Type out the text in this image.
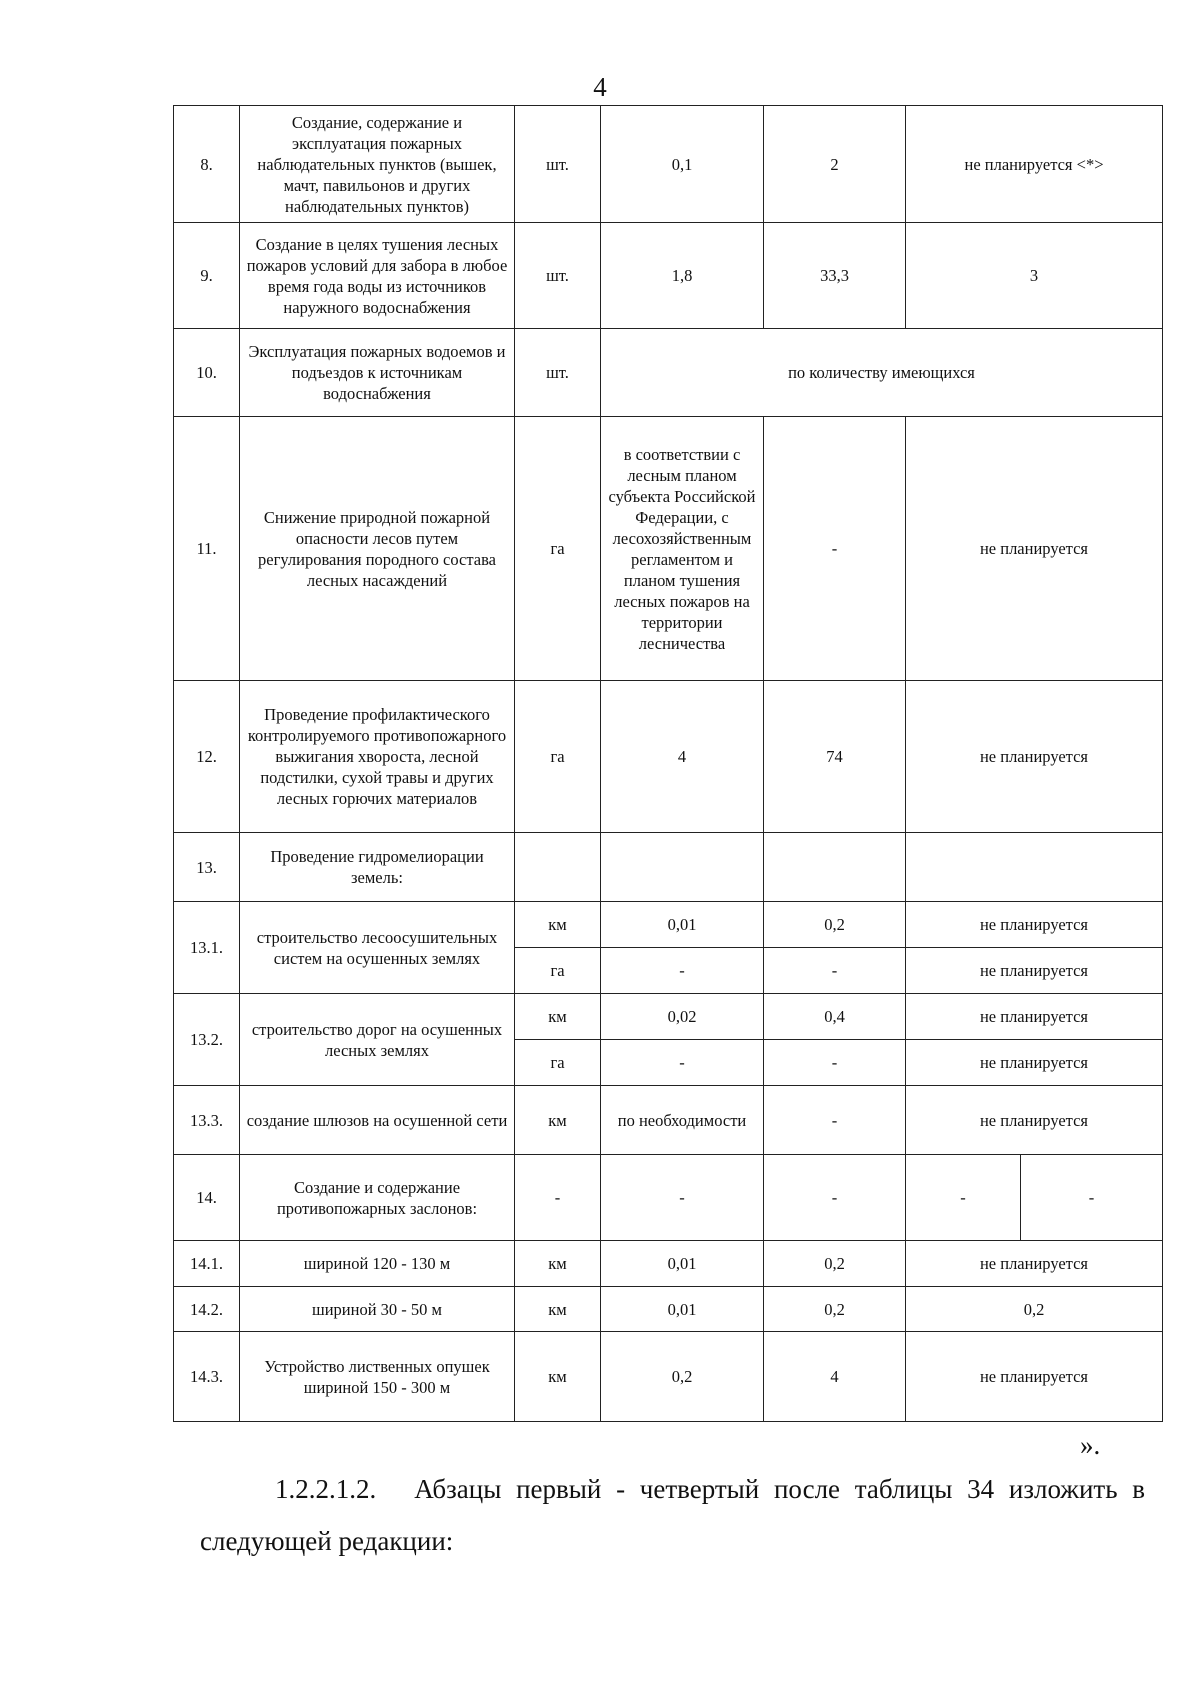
4
8.	Создание, содержание и эксплуатация пожарных наблюдательных пунктов (вышек, мачт, павильонов и других наблюдательных пунктов)	шт.	0,1	2	не планируется <*>	
9.	Создание в целях тушения лесных пожаров условий для забора в любое время года воды из источников наружного водоснабжения	шт.	1,8	33,3	3	
10.	Эксплуатация пожарных водоемов и подъездов к источникам водоснабжения	шт.	по количеству имеющихся			
11.	Снижение природной пожарной опасности лесов путем регулирования породного состава лесных насаждений	га	в соответствии с лесным планом субъекта Российской Федерации, с лесохозяйственным регламентом и планом тушения лесных пожаров на территории лесничества	-	не планируется	
12.	Проведение профилактического контролируемого противопожарного выжигания хвороста, лесной подстилки, сухой травы и других лесных горючих материалов	га	4	74	не планируется	
13.	Проведение гидромелиорации земель:					
13.1.	строительство лесоосушительных систем на осушенных землях	км	0,01	0,2	не планируется	
		га	-	-	не планируется	
13.2.	строительство дорог на осушенных лесных землях	км	0,02	0,4	не планируется	
		га	-	-	не планируется	
13.3.	создание шлюзов на осушенной сети	км	по необходимости	-	не планируется	
14.	Создание и содержание противопожарных заслонов:	-	-	-	-	-
14.1.	шириной 120 - 130 м	км	0,01	0,2	не планируется	
14.2.	шириной 30 - 50 м	км	0,01	0,2	0,2	
14.3.	Устройство лиственных опушек шириной 150 - 300 м	км	0,2	4	не планируется	
».
1.2.2.1.2. Абзацы первый - четвертый после таблицы 34 изложить в
следующей редакции:
